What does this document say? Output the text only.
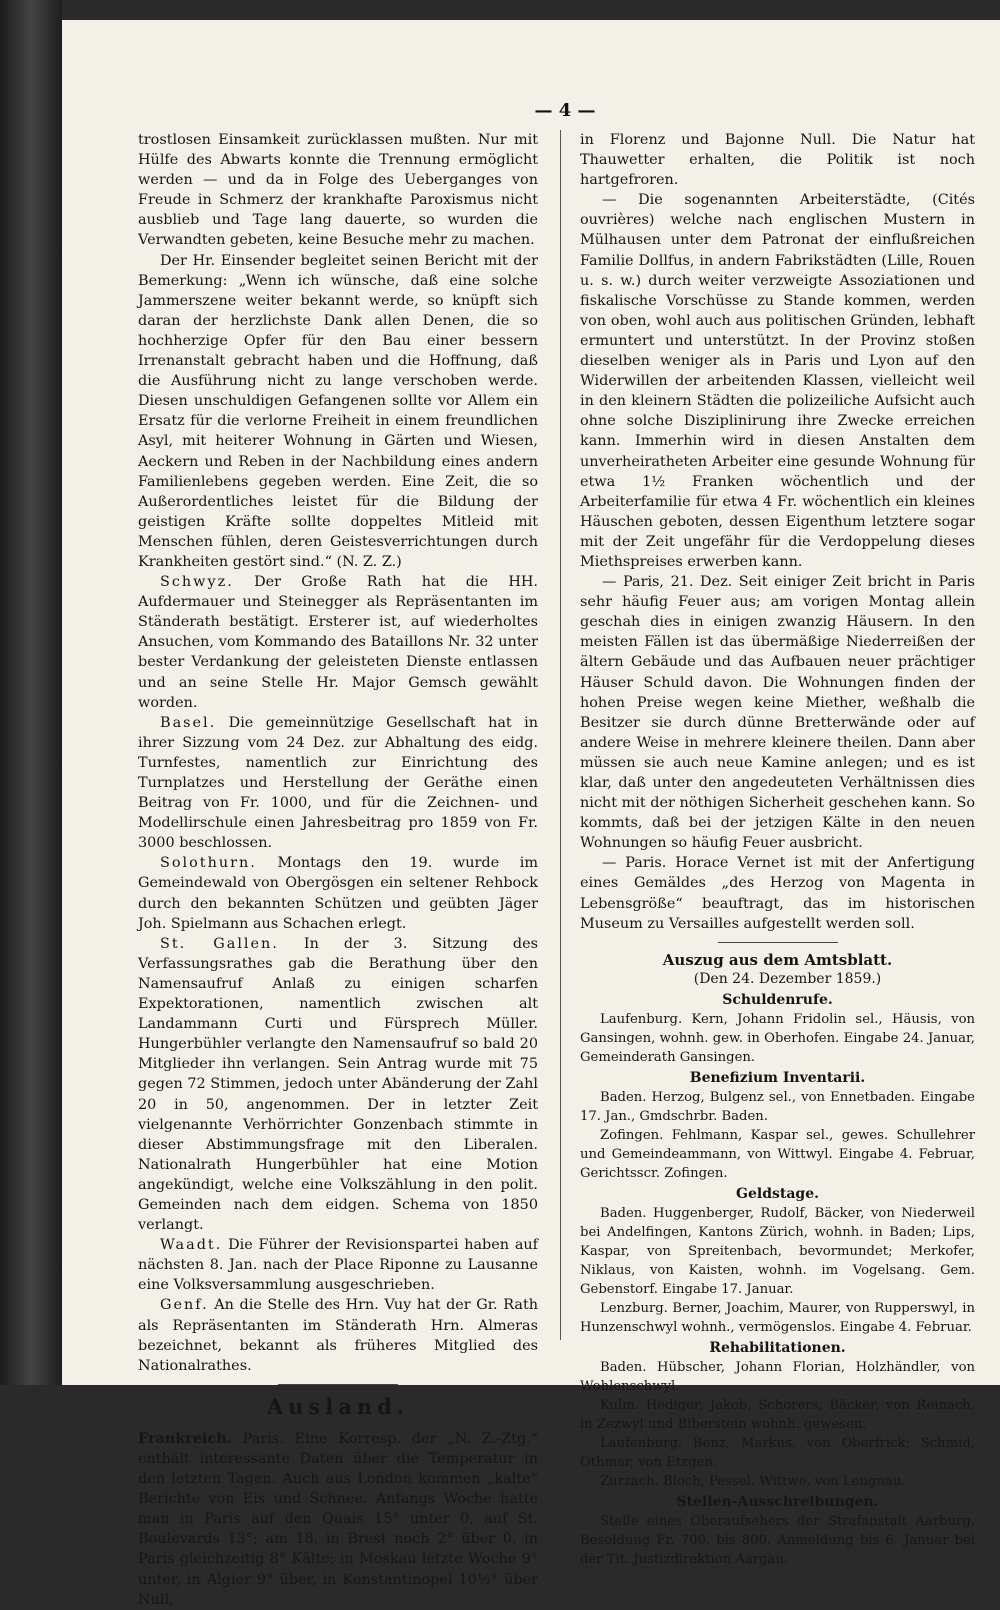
— 4 —

trostlosen Einsamkeit zurücklassen mußten. Nur mit Hülfe des Abwarts konnte die Trennung ermöglicht werden — und da in Folge des Ueberganges von Freude in Schmerz der krankhafte Paroxismus nicht ausblieb und Tage lang dauerte, so wurden die Verwandten gebeten, keine Besuche mehr zu machen.

Der Hr. Einsender begleitet seinen Bericht mit der Bemerkung: „Wenn ich wünsche, daß eine solche Jammerszene weiter bekannt werde, so knüpft sich daran der herzlichste Dank allen Denen, die so hochherzige Opfer für den Bau einer bessern Irrenanstalt gebracht haben und die Hoffnung, daß die Ausführung nicht zu lange verschoben werde. Diesen unschuldigen Gefangenen sollte vor Allem ein Ersatz für die verlorne Freiheit in einem freundlichen Asyl, mit heiterer Wohnung in Gärten und Wiesen, Aeckern und Reben in der Nachbildung eines andern Familienlebens gegeben werden. Eine Zeit, die so Außerordentliches leistet für die Bildung der geistigen Kräfte sollte doppeltes Mitleid mit Menschen fühlen, deren Geistesverrichtungen durch Krankheiten gestört sind.“ (N. Z. Z.)

Schwyz. Der Große Rath hat die HH. Aufdermauer und Steinegger als Repräsentanten im Ständerath bestätigt. Ersterer ist, auf wiederholtes Ansuchen, vom Kommando des Bataillons Nr. 32 unter bester Verdankung der geleisteten Dienste entlassen und an seine Stelle Hr. Major Gemsch gewählt worden.

Basel. Die gemeinnützige Gesellschaft hat in ihrer Sizzung vom 24 Dez. zur Abhaltung des eidg. Turnfestes, namentlich zur Einrichtung des Turnplatzes und Herstellung der Geräthe einen Beitrag von Fr. 1000, und für die Zeichnen- und Modellirschule einen Jahresbeitrag pro 1859 von Fr. 3000 beschlossen.

Solothurn. Montags den 19. wurde im Gemeindewald von Obergösgen ein seltener Rehbock durch den bekannten Schützen und geübten Jäger Joh. Spielmann aus Schachen erlegt.

St. Gallen. In der 3. Sitzung des Verfassungsrathes gab die Berathung über den Namensaufruf Anlaß zu einigen scharfen Expektorationen, namentlich zwischen alt Landammann Curti und Fürsprech Müller. Hungerbühler verlangte den Namensaufruf so bald 20 Mitglieder ihn verlangen. Sein Antrag wurde mit 75 gegen 72 Stimmen, jedoch unter Abänderung der Zahl 20 in 50, angenommen. Der in letzter Zeit vielgenannte Verhörrichter Gonzenbach stimmte in dieser Abstimmungsfrage mit den Liberalen. Nationalrath Hungerbühler hat eine Motion angekündigt, welche eine Volkszählung in den polit. Gemeinden nach dem eidgen. Schema von 1850 verlangt.

Waadt. Die Führer der Revisionspartei haben auf nächsten 8. Jan. nach der Place Riponne zu Lausanne eine Volksversammlung ausgeschrieben.

Genf. An die Stelle des Hrn. Vuy hat der Gr. Rath als Repräsentanten im Ständerath Hrn. Almeras bezeichnet, bekannt als früheres Mitglied des Nationalrathes.

Ausland.

Frankreich. Paris. Eine Korresp. der „N. Z.-Ztg.“ enthält interessante Daten über die Temperatur in den letzten Tagen. Auch aus London kommen „kalte“ Berichte von Eis und Schnee. Anfangs Woche hatte man in Paris auf den Quais 15° unter 0, auf St. Boulevards 13°; am 18. in Brest noch 2° über 0, in Paris gleichzeitig 8° Kälte; in Moskau letzte Woche 9° unter, in Algier 9° über, in Konstantinopel 10½° über Null,

in Florenz und Bajonne Null. Die Natur hat Thauwetter erhalten, die Politik ist noch hartgefroren.

— Die sogenannten Arbeiterstädte, (Cités ouvrières) welche nach englischen Mustern in Mülhausen unter dem Patronat der einflußreichen Familie Dollfus, in andern Fabrikstädten (Lille, Rouen u. s. w.) durch weiter verzweigte Assoziationen und fiskalische Vorschüsse zu Stande kommen, werden von oben, wohl auch aus politischen Gründen, lebhaft ermuntert und unterstützt. In der Provinz stoßen dieselben weniger als in Paris und Lyon auf den Widerwillen der arbeitenden Klassen, vielleicht weil in den kleinern Städten die polizeiliche Aufsicht auch ohne solche Disziplinirung ihre Zwecke erreichen kann. Immerhin wird in diesen Anstalten dem unverheiratheten Arbeiter eine gesunde Wohnung für etwa 1½ Franken wöchentlich und der Arbeiterfamilie für etwa 4 Fr. wöchentlich ein kleines Häuschen geboten, dessen Eigenthum letztere sogar mit der Zeit ungefähr für die Verdoppelung dieses Miethspreises erwerben kann.

— Paris, 21. Dez. Seit einiger Zeit bricht in Paris sehr häufig Feuer aus; am vorigen Montag allein geschah dies in einigen zwanzig Häusern. In den meisten Fällen ist das übermäßige Niederreißen der ältern Gebäude und das Aufbauen neuer prächtiger Häuser Schuld davon. Die Wohnungen finden der hohen Preise wegen keine Miether, weßhalb die Besitzer sie durch dünne Bretterwände oder auf andere Weise in mehrere kleinere theilen. Dann aber müssen sie auch neue Kamine anlegen; und es ist klar, daß unter den angedeuteten Verhältnissen dies nicht mit der nöthigen Sicherheit geschehen kann. So kommts, daß bei der jetzigen Kälte in den neuen Wohnungen so häufig Feuer ausbricht.

— Paris. Horace Vernet ist mit der Anfertigung eines Gemäldes „des Herzog von Magenta in Lebensgröße“ beauftragt, das im historischen Museum zu Versailles aufgestellt werden soll.

Auszug aus dem Amtsblatt.

(Den 24. Dezember 1859.)

Schuldenrufe.

Laufenburg. Kern, Johann Fridolin sel., Häusis, von Gansingen, wohnh. gew. in Oberhofen. Eingabe 24. Januar, Gemeinderath Gansingen.

Benefizium Inventarii.

Baden. Herzog, Bulgenz sel., von Ennetbaden. Eingabe 17. Jan., Gmdschrbr. Baden.

Zofingen. Fehlmann, Kaspar sel., gewes. Schullehrer und Gemeindeammann, von Wittwyl. Eingabe 4. Februar, Gerichtsscr. Zofingen.

Geldstage.

Baden. Huggenberger, Rudolf, Bäcker, von Niederweil bei Andelfingen, Kantons Zürich, wohnh. in Baden; Lips, Kaspar, von Spreitenbach, bevormundet; Merkofer, Niklaus, von Kaisten, wohnh. im Vogelsang. Gem. Gebenstorf. Eingabe 17. Januar.

Lenzburg. Berner, Joachim, Maurer, von Rupperswyl, in Hunzenschwyl wohnh., vermögenslos. Eingabe 4. Februar.

Rehabilitationen.

Baden. Hübscher, Johann Florian, Holzhändler, von Wohlenschwyl.

Kulm. Hediger, Jakob, Schorers, Bäcker, von Reinach, in Zezwyl und Biberstein wohnh. gewesen.

Laufenburg. Benz, Markus, von Oberfrick; Schmid, Othmar, von Etzgen.

Zurzach. Bloch, Pessel, Wittwe, von Lengnau.

Stellen-Ausschreibungen.

Stelle eines Oberaufsehers der Strafanstalt Aarburg. Besoldung Fr. 700. bis 800. Anmeldung bis 6. Januar bei der Tit. Justizdirektion Aargau.
